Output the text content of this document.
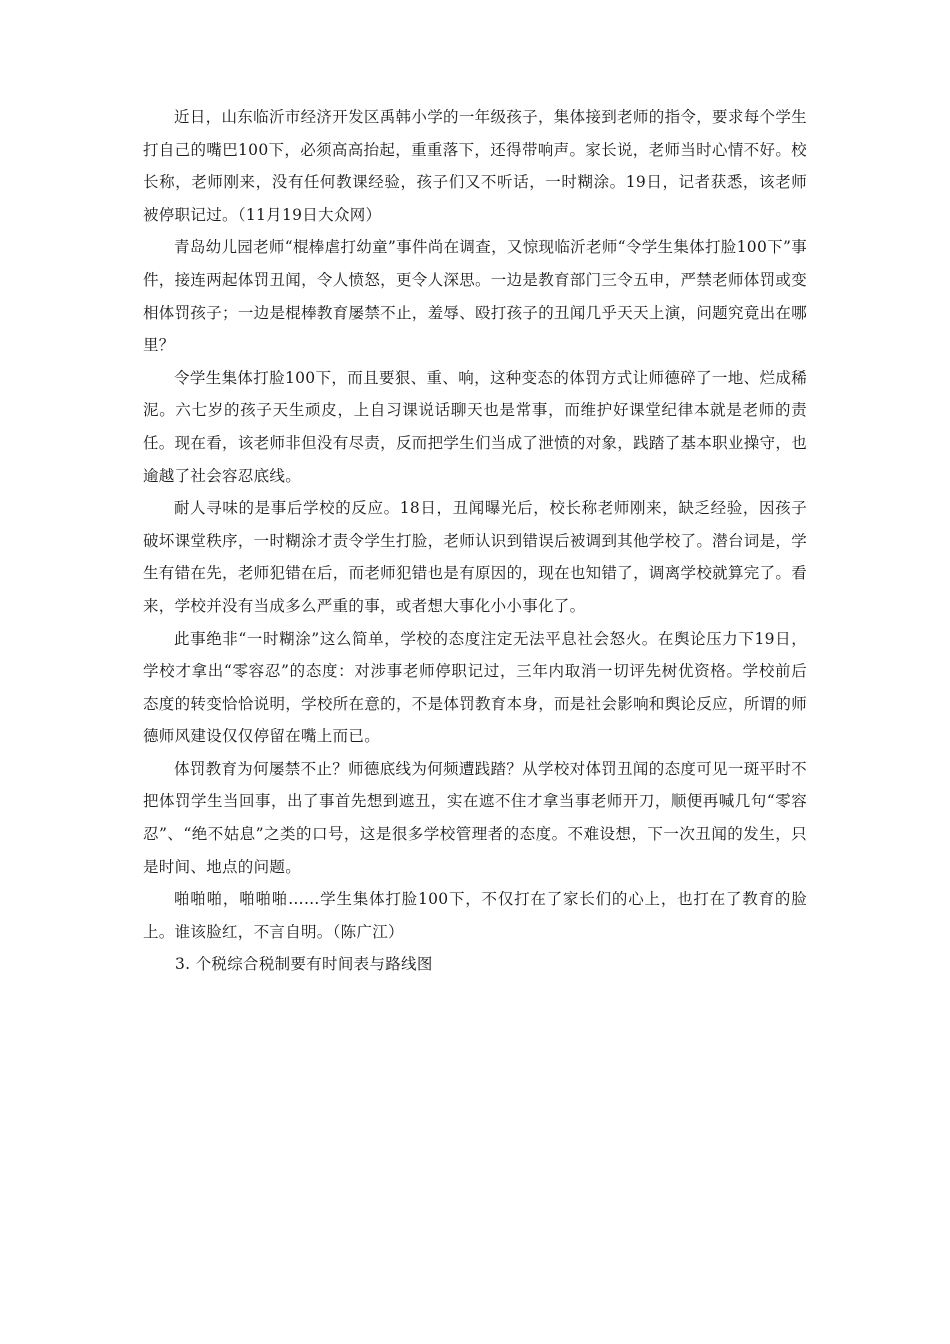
近日，山东临沂市经济开发区禹韩小学的一年级孩子，集体接到老师的指令，要求每个学生打自己的嘴巴100下，必须高高抬起，重重落下，还得带响声。家长说，老师当时心情不好。校长称，老师刚来，没有任何教课经验，孩子们又不听话，一时糊涂。19日，记者获悉，该老师被停职记过。（11月19日大众网）

青岛幼儿园老师“棍棒虐打幼童”事件尚在调查，又惊现临沂老师“令学生集体打脸100下”事件，接连两起体罚丑闻，令人愤怒，更令人深思。一边是教育部门三令五申，严禁老师体罚或变相体罚孩子；一边是棍棒教育屡禁不止，羞辱、殴打孩子的丑闻几乎天天上演，问题究竟出在哪里？

令学生集体打脸100下，而且要狠、重、响，这种变态的体罚方式让师德碎了一地、烂成稀泥。六七岁的孩子天生顽皮，上自习课说话聊天也是常事，而维护好课堂纪律本就是老师的责任。现在看，该老师非但没有尽责，反而把学生们当成了泄愤的对象，践踏了基本职业操守，也逾越了社会容忍底线。

耐人寻味的是事后学校的反应。18日，丑闻曝光后，校长称老师刚来，缺乏经验，因孩子破坏课堂秩序，一时糊涂才责令学生打脸，老师认识到错误后被调到其他学校了。潜台词是，学生有错在先，老师犯错在后，而老师犯错也是有原因的，现在也知错了，调离学校就算完了。看来，学校并没有当成多么严重的事，或者想大事化小小事化了。

此事绝非“一时糊涂”这么简单，学校的态度注定无法平息社会怒火。在舆论压力下19日，学校才拿出“零容忍”的态度：对涉事老师停职记过，三年内取消一切评先树优资格。学校前后态度的转变恰恰说明，学校所在意的，不是体罚教育本身，而是社会影响和舆论反应，所谓的师德师风建设仅仅停留在嘴上而已。

体罚教育为何屡禁不止？师德底线为何频遭践踏？从学校对体罚丑闻的态度可见一斑平时不把体罚学生当回事，出了事首先想到遮丑，实在遮不住才拿当事老师开刀，顺便再喊几句“零容忍”、“绝不姑息”之类的口号，这是很多学校管理者的态度。不难设想，下一次丑闻的发生，只是时间、地点的问题。

啪啪啪，啪啪啪……学生集体打脸100下，不仅打在了家长们的心上，也打在了教育的脸上。谁该脸红，不言自明。（陈广江）

3. 个税综合税制要有时间表与路线图
